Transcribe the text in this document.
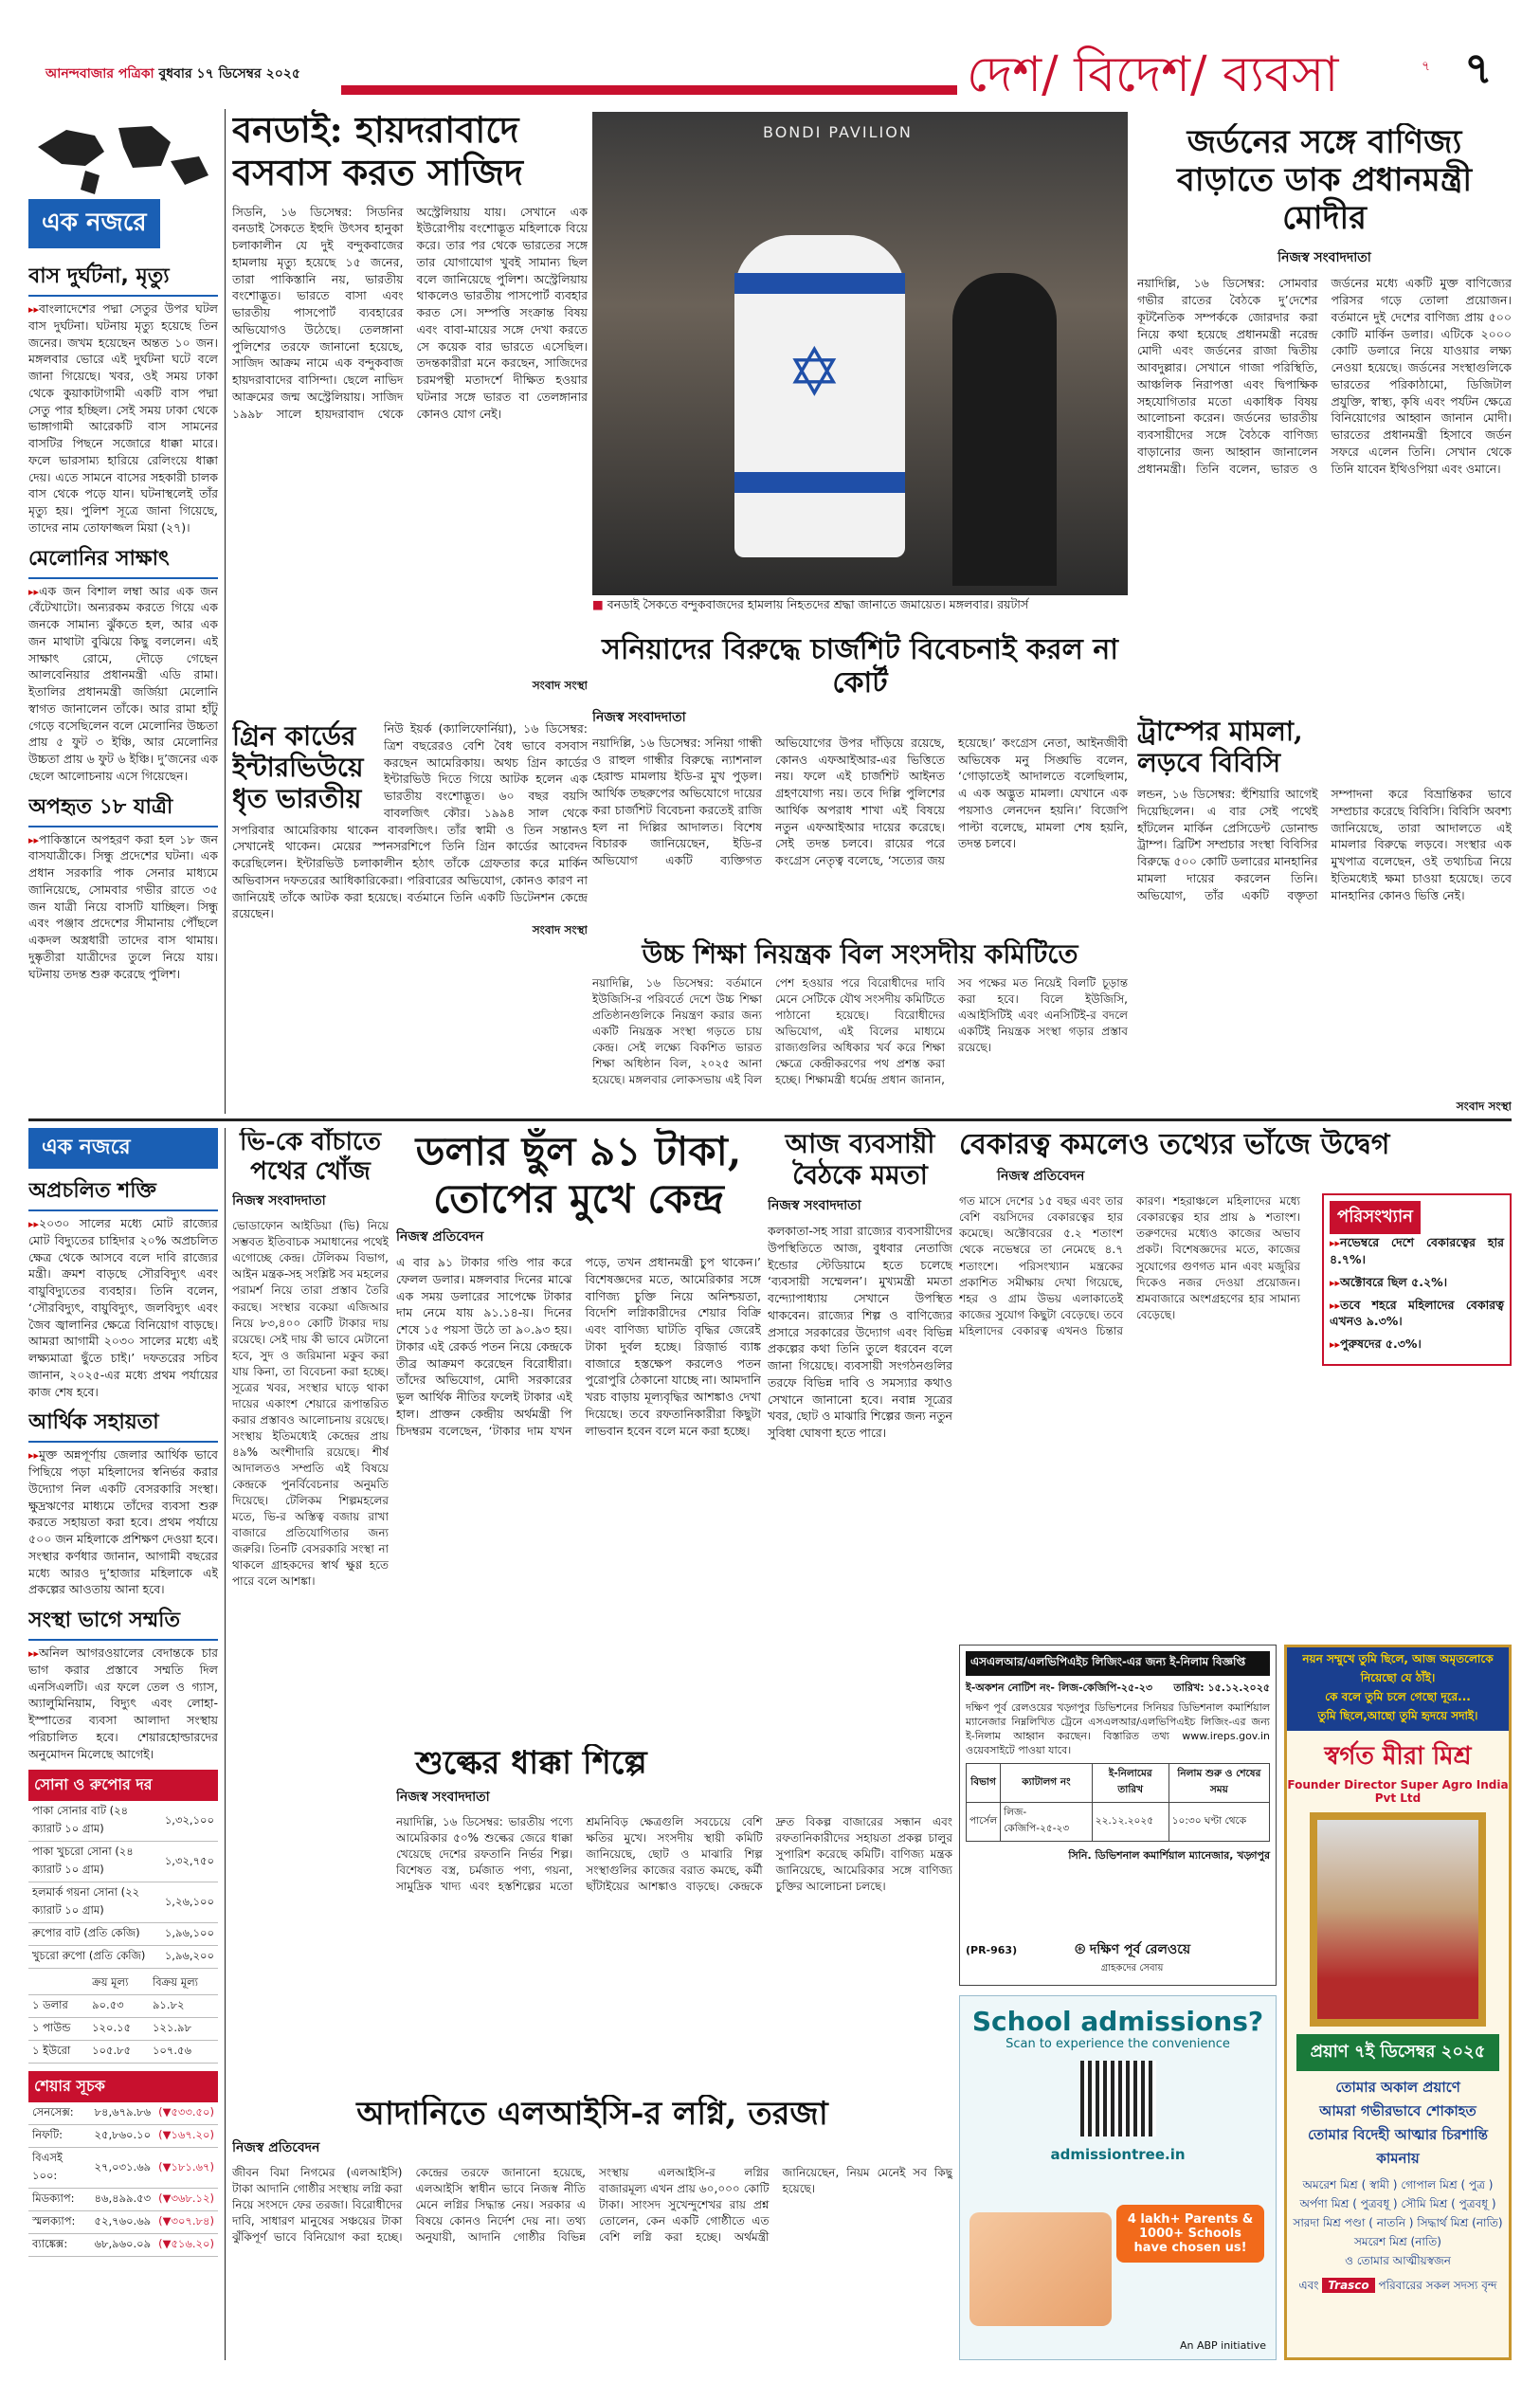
আনন্দবাজার পত্রিকা বুধবার ১৭ ডিসেম্বর ২০২৫	দেশ/ বিদেশ/ ব্যবসা	৭ ৭
এক নজরে
বাস দুর্ঘটনা, মৃত্যু
▸▸ বাংলাদেশের পদ্মা সেতুর উপর ঘটল বাস দুর্ঘটনা। ঘটনায় মৃত্যু হয়েছে তিন জনের। জখম হয়েছেন অন্তত ১০ জন। মঙ্গলবার ভোরে এই দুর্ঘটনা ঘটে বলে জানা গিয়েছে। খবর, ওই সময় ঢাকা থেকে কুয়াকাটাগামী একটি বাস পদ্মা সেতু পার হচ্ছিল। সেই সময় ঢাকা থেকে ভাঙ্গাগামী আরেকটি বাস সামনের বাসটির পিছনে সজোরে ধাক্কা মারে। ফলে ভারসাম্য হারিয়ে রেলিংয়ে ধাক্কা দেয়। এতে সামনে বাসের সহকারী চালক বাস থেকে পড়ে যান। ঘটনাস্থলেই তাঁর মৃত্যু হয়। পুলিশ সূত্রে জানা গিয়েছে, তাদের নাম তোফাজ্জল মিয়া (২৭)।
মেলোনির সাক্ষাৎ
▸▸ এক জন বিশাল লম্বা আর এক জন বেঁটেখাটো। অন্যরকম করতে গিয়ে এক জনকে সামান্য ঝুঁকতে হল, আর এক জন মাথাটা বুঝিয়ে কিছু বললেন। এই সাক্ষাৎ রোমে, দৌড়ে গেছেন আলবেনিয়ার প্রধানমন্ত্রী এডি রামা। ইতালির প্রধানমন্ত্রী জর্জিয়া মেলোনি স্বাগত জানালেন তাঁকে। আর রামা হাঁটু গেড়ে বসেছিলেন বলে মেলোনির উচ্চতা প্রায় ৫ ফুট ৩ ইঞ্চি, আর মেলোনির উচ্চতা প্রায় ৬ ফুট ৬ ইঞ্চি। দু’জনের এক ছেলে আলোচনায় এসে গিয়েছেন।
অপহৃত ১৮ যাত্রী
▸▸ পাকিস্তানে অপহরণ করা হল ১৮ জন বাসযাত্রীকে। সিন্ধু প্রদেশের ঘটনা। এক প্রধান সরকারি পাক সেনার মাধ্যমে জানিয়েছে, সোমবার গভীর রাতে ৩৫ জন যাত্রী নিয়ে বাসটি যাচ্ছিল। সিন্ধু এবং পঞ্জাব প্রদেশের সীমানায় পৌঁছলে একদল অস্ত্রধারী তাদের বাস থামায়। দুষ্কৃতীরা যাত্রীদের তুলে নিয়ে যায়। ঘটনায় তদন্ত শুরু করেছে পুলিশ।
বনডাই: হায়দরাবাদে বসবাস করত সাজিদ
সিডনি, ১৬ ডিসেম্বর: সিডনির বনডাই সৈকতে ইহুদি উৎসব হানুকা চলাকালীন যে দুই বন্দুকবাজের হামলায় মৃত্যু হয়েছে ১৫ জনের, তারা পাকিস্তানি নয়, ভারতীয় বংশোদ্ভূত। ভারতে বাসা এবং ভারতীয় পাসপোর্ট ব্যবহারের অভিযোগও উঠেছে। তেলঙ্গানা পুলিশের তরফে জানানো হয়েছে, সাজিদ আক্রম নামে এক বন্দুকবাজ হায়দরাবাদের বাসিন্দা। ছেলে নাভিদ আক্রমের জন্ম অস্ট্রেলিয়ায়। সাজিদ ১৯৯৮ সালে হায়দরাবাদ থেকে অস্ট্রেলিয়ায় যায়। সেখানে এক ইউরোপীয় বংশোদ্ভূত মহিলাকে বিয়ে করে। তার পর থেকে ভারতের সঙ্গে তার যোগাযোগ খুবই সামান্য ছিল বলে জানিয়েছে পুলিশ। অস্ট্রেলিয়ায় থাকলেও ভারতীয় পাসপোর্ট ব্যবহার করত সে। সম্পত্তি সংক্রান্ত বিষয় এবং বাবা-মায়ের সঙ্গে দেখা করতে সে কয়েক বার ভারতে এসেছিল। তদন্তকারীরা মনে করছেন, সাজিদের চরমপন্থী মতাদর্শে দীক্ষিত হওয়ার ঘটনার সঙ্গে ভারত বা তেলঙ্গানার কোনও যোগ নেই।
সংবাদ সংস্থা
BONDI PAVILION
✡
■ বনডাই সৈকতে বন্দুকবাজদের হামলায় নিহতদের শ্রদ্ধা জানাতে জমায়েত। মঙ্গলবার। রয়টার্স
সনিয়াদের বিরুদ্ধে চার্জশিট বিবেচনাই করল না কোর্ট
নিজস্ব সংবাদদাতা
নয়াদিল্লি, ১৬ ডিসেম্বর: সনিয়া গান্ধী ও রাহুল গান্ধীর বিরুদ্ধে ন্যাশনাল হেরাল্ড মামলায় ইডি-র মুখ পুড়ল। আর্থিক তছরুপের অভিযোগে দায়ের করা চার্জশিট বিবেচনা করতেই রাজি হল না দিল্লির আদালত। বিশেষ বিচারক জানিয়েছেন, ইডি-র অভিযোগ একটি ব্যক্তিগত অভিযোগের উপর দাঁড়িয়ে রয়েছে, কোনও এফআইআর-এর ভিত্তিতে নয়। ফলে এই চার্জশিট আইনত গ্রহণযোগ্য নয়। তবে দিল্লি পুলিশের আর্থিক অপরাধ শাখা এই বিষয়ে নতুন এফআইআর দায়ের করেছে। সেই তদন্ত চলবে। রায়ের পরে কংগ্রেস নেতৃত্ব বলেছে, ‘সত্যের জয় হয়েছে।’ কংগ্রেস নেতা, আইনজীবী অভিষেক মনু সিঙ্ঘভি বলেন, ‘গোড়াতেই আদালতে বলেছিলাম, এ এক অদ্ভুত মামলা। যেখানে এক পয়সাও লেনদেন হয়নি।’ বিজেপি পাল্টা বলেছে, মামলা শেষ হয়নি, তদন্ত চলবে।
জর্ডনের সঙ্গে বাণিজ্য বাড়াতে ডাক প্রধানমন্ত্রী মোদীর
নিজস্ব সংবাদদাতা
নয়াদিল্লি, ১৬ ডিসেম্বর: সোমবার গভীর রাতের বৈঠকে দু’দেশের কূটনৈতিক সম্পর্ককে জোরদার করা নিয়ে কথা হয়েছে প্রধানমন্ত্রী নরেন্দ্র মোদী এবং জর্ডনের রাজা দ্বিতীয় আবদুল্লার। সেখানে গাজা পরিস্থিতি, আঞ্চলিক নিরাপত্তা এবং দ্বিপাক্ষিক সহযোগিতার মতো একাধিক বিষয় আলোচনা করেন। জর্ডনের ভারতীয় ব্যবসায়ীদের সঙ্গে বৈঠকে বাণিজ্য বাড়ানোর জন্য আহ্বান জানালেন প্রধানমন্ত্রী। তিনি বলেন, ভারত ও জর্ডনের মধ্যে একটি মুক্ত বাণিজ্যের পরিসর গড়ে তোলা প্রয়োজন। বর্তমানে দুই দেশের বাণিজ্য প্রায় ৫০০ কোটি মার্কিন ডলার। এটিকে ২০০০ কোটি ডলারে নিয়ে যাওয়ার লক্ষ্য নেওয়া হয়েছে। জর্ডনের সংস্থাগুলিকে ভারতের পরিকাঠামো, ডিজিটাল প্রযুক্তি, স্বাস্থ্য, কৃষি এবং পর্যটন ক্ষেত্রে বিনিয়োগের আহ্বান জানান মোদী। ভারতের প্রধানমন্ত্রী হিসাবে জর্ডন সফরে এলেন তিনি। সেখান থেকে তিনি যাবেন ইথিওপিয়া এবং ওমানে।
ট্রাম্পের মামলা, লড়বে বিবিসি
লন্ডন, ১৬ ডিসেম্বর: হুঁশিয়ারি আগেই দিয়েছিলেন। এ বার সেই পথেই হাঁটলেন মার্কিন প্রেসিডেন্ট ডোনাল্ড ট্রাম্প। ব্রিটিশ সম্প্রচার সংস্থা বিবিসির বিরুদ্ধে ৫০০ কোটি ডলারের মানহানির মামলা দায়ের করলেন তিনি। অভিযোগ, তাঁর একটি বক্তৃতা সম্পাদনা করে বিভ্রান্তিকর ভাবে সম্প্রচার করেছে বিবিসি। বিবিসি অবশ্য জানিয়েছে, তারা আদালতে এই মামলার বিরুদ্ধে লড়বে। সংস্থার এক মুখপাত্র বলেছেন, ওই তথ্যচিত্র নিয়ে ইতিমধ্যেই ক্ষমা চাওয়া হয়েছে। তবে মানহানির কোনও ভিত্তি নেই।
সংবাদ সংস্থা
গ্রিন কার্ডের ইন্টারভিউয়ে ধৃত ভারতীয়
নিউ ইয়র্ক (ক্যালিফোর্নিয়া), ১৬ ডিসেম্বর: ত্রিশ বছরেরও বেশি বৈধ ভাবে বসবাস করছেন আমেরিকায়। অথচ গ্রিন কার্ডের ইন্টারভিউ দিতে গিয়ে আটক হলেন এক ভারতীয় বংশোদ্ভূত। ৬০ বছর বয়সি বাবলজিৎ কৌর। ১৯৯৪ সাল থেকে সপরিবার আমেরিকায় থাকেন বাবলজিৎ। তাঁর স্বামী ও তিন সন্তানও সেখানেই থাকেন। মেয়ের স্পনসরশিপে তিনি গ্রিন কার্ডের আবেদন করেছিলেন। ইন্টারভিউ চলাকালীন হঠাৎ তাঁকে গ্রেফতার করে মার্কিন অভিবাসন দফতরের আধিকারিকেরা। পরিবারের অভিযোগ, কোনও কারণ না জানিয়েই তাঁকে আটক করা হয়েছে। বর্তমানে তিনি একটি ডিটেনশন কেন্দ্রে রয়েছেন।
সংবাদ সংস্থা
উচ্চ শিক্ষা নিয়ন্ত্রক বিল সংসদীয় কমিটিতে
নয়াদিল্লি, ১৬ ডিসেম্বর: বর্তমানে ইউজিসি-র পরিবর্তে দেশে উচ্চ শিক্ষা প্রতিষ্ঠানগুলিকে নিয়ন্ত্রণ করার জন্য একটি নিয়ন্ত্রক সংস্থা গড়তে চায় কেন্দ্র। সেই লক্ষ্যে বিকশিত ভারত শিক্ষা অধিষ্ঠান বিল, ২০২৫ আনা হয়েছে। মঙ্গলবার লোকসভায় এই বিল পেশ হওয়ার পরে বিরোধীদের দাবি মেনে সেটিকে যৌথ সংসদীয় কমিটিতে পাঠানো হয়েছে। বিরোধীদের অভিযোগ, এই বিলের মাধ্যমে রাজ্যগুলির অধিকার খর্ব করে শিক্ষা ক্ষেত্রে কেন্দ্রীকরণের পথ প্রশস্ত করা হচ্ছে। শিক্ষামন্ত্রী ধর্মেন্দ্র প্রধান জানান, সব পক্ষের মত নিয়েই বিলটি চূড়ান্ত করা হবে। বিলে ইউজিসি, এআইসিটিই এবং এনসিটিই-র বদলে একটিই নিয়ন্ত্রক সংস্থা গড়ার প্রস্তাব রয়েছে।
এক নজরে
অপ্রচলিত শক্তি
▸▸ ২০৩০ সালের মধ্যে মোট রাজ্যের মোট বিদ্যুতের চাহিদার ২০% অপ্রচলিত ক্ষেত্র থেকে আসবে বলে দাবি রাজ্যের মন্ত্রী। ক্রমশ বাড়ছে সৌরবিদ্যুৎ এবং বায়ুবিদ্যুতের ব্যবহার। তিনি বলেন, ‘সৌরবিদ্যুৎ, বায়ুবিদ্যুৎ, জলবিদ্যুৎ এবং জৈব জ্বালানির ক্ষেত্রে বিনিয়োগ বাড়ছে। আমরা আগামী ২০৩০ সালের মধ্যে এই লক্ষ্যমাত্রা ছুঁতে চাই।’ দফতরের সচিব জানান, ২০২৫-এর মধ্যে প্রথম পর্যায়ের কাজ শেষ হবে।
আর্থিক সহায়তা
▸▸ মুক্ত অন্নপূর্ণায় জেলার আর্থিক ভাবে পিছিয়ে পড়া মহিলাদের স্বনির্ভর করার উদ্যোগ নিল একটি বেসরকারি সংস্থা। ক্ষুদ্রঋণের মাধ্যমে তাঁদের ব্যবসা শুরু করতে সহায়তা করা হবে। প্রথম পর্যায়ে ৫০০ জন মহিলাকে প্রশিক্ষণ দেওয়া হবে। সংস্থার কর্ণধার জানান, আগামী বছরের মধ্যে আরও দু’হাজার মহিলাকে এই প্রকল্পের আওতায় আনা হবে।
সংস্থা ভাগে সম্মতি
▸▸ অনিল আগরওয়ালের বেদান্তকে চার ভাগ করার প্রস্তাবে সম্মতি দিল এনসিএলটি। এর ফলে তেল ও গ্যাস, অ্যালুমিনিয়াম, বিদ্যুৎ এবং লোহা-ইস্পাতের ব্যবসা আলাদা সংস্থায় পরিচালিত হবে। শেয়ারহোল্ডারদের অনুমোদন মিলেছে আগেই।
সোনা ও রুপোর দর
পাকা সোনার বাট (২৪ ক্যারাট ১০ গ্রাম)	১,৩২,১০০
পাকা খুচরো সোনা (২৪ ক্যারাট ১০ গ্রাম)	১,৩২,৭৫০
হলমার্ক গয়না সোনা (২২ ক্যারাট ১০ গ্রাম)	১,২৬,১০০
রুপোর বাট (প্রতি কেজি)	১,৯৬,১০০
খুচরো রুপো (প্রতি কেজি)	১,৯৬,২০০
	ক্রয় মূল্য	বিক্রয় মূল্য
১ ডলার	৯০.৫৩	৯১.৮২
১ পাউন্ড	১২০.১৫	১২১.৯৮
১ ইউরো	১০৫.৮৫	১০৭.৫৬
শেয়ার সূচক
সেনসেক্স:	৮৪,৬৭৯.৮৬	(▼৫৩৩.৫০)
নিফটি:	২৫,৮৬০.১০	(▼১৬৭.২০)
বিএসই ১০০:	২৭,০৩১.৬৯	(▼১৮১.৬৭)
মিডক্যাপ:	৪৬,৪৯৯.৫৩	(▼৩৬৮.১২)
স্মলক্যাপ:	৫২,৭৬০.৬৯	(▼৩০৭.৮৪)
ব্যাঙ্কেক্স:	৬৮,৯৬০.০৯	(▼৫১৬.২০)
ভি-কে বাঁচাতে পথের খোঁজ
নিজস্ব সংবাদদাতা
ভোডাফোন আইডিয়া (ভি) নিয়ে সম্ভবত ইতিবাচক সমাধানের পথেই এগোচ্ছে কেন্দ্র। টেলিকম বিভাগ, আইন মন্ত্রক-সহ সংশ্লিষ্ট সব মহলের পরামর্শ নিয়ে তারা প্রস্তাব তৈরি করছে। সংস্থার বকেয়া এজিআর নিয়ে ৮৩,৪০০ কোটি টাকার দায় রয়েছে। সেই দায় কী ভাবে মেটানো হবে, সুদ ও জরিমানা মকুব করা যায় কিনা, তা বিবেচনা করা হচ্ছে। সূত্রের খবর, সংস্থার ঘাড়ে থাকা দায়ের একাংশ শেয়ারে রূপান্তরিত করার প্রস্তাবও আলোচনায় রয়েছে। সংস্থায় ইতিমধ্যেই কেন্দ্রের প্রায় ৪৯% অংশীদারি রয়েছে। শীর্ষ আদালতও সম্প্রতি এই বিষয়ে কেন্দ্রকে পুনর্বিবেচনার অনুমতি দিয়েছে। টেলিকম শিল্পমহলের মতে, ভি-র অস্তিত্ব বজায় রাখা বাজারে প্রতিযোগিতার জন্য জরুরি। তিনটি বেসরকারি সংস্থা না থাকলে গ্রাহকদের স্বার্থ ক্ষুণ্ণ হতে পারে বলে আশঙ্কা।
ডলার ছুঁল ৯১ টাকা, তোপের মুখে কেন্দ্র
নিজস্ব প্রতিবেদন
এ বার ৯১ টাকার গণ্ডি পার করে ফেলল ডলার। মঙ্গলবার দিনের মাঝে এক সময় ডলারের সাপেক্ষে টাকার দাম নেমে যায় ৯১.১৪-য়। দিনের শেষে ১৫ পয়সা উঠে তা ৯০.৯৩ হয়। টাকার এই রেকর্ড পতন নিয়ে কেন্দ্রকে তীব্র আক্রমণ করেছেন বিরোধীরা। তাঁদের অভিযোগ, মোদী সরকারের ভুল আর্থিক নীতির ফলেই টাকার এই হাল। প্রাক্তন কেন্দ্রীয় অর্থমন্ত্রী পি চিদম্বরম বলেছেন, ‘টাকার দাম যখন পড়ে, তখন প্রধানমন্ত্রী চুপ থাকেন।’ বিশেষজ্ঞদের মতে, আমেরিকার সঙ্গে বাণিজ্য চুক্তি নিয়ে অনিশ্চয়তা, বিদেশি লগ্নিকারীদের শেয়ার বিক্রি এবং বাণিজ্য ঘাটতি বৃদ্ধির জেরেই টাকা দুর্বল হচ্ছে। রিজ়ার্ভ ব্যাঙ্ক বাজারে হস্তক্ষেপ করলেও পতন পুরোপুরি ঠেকানো যাচ্ছে না। আমদানি খরচ বাড়ায় মূল্যবৃদ্ধির আশঙ্কাও দেখা দিয়েছে। তবে রফতানিকারীরা কিছুটা লাভবান হবেন বলে মনে করা হচ্ছে।
আজ ব্যবসায়ী বৈঠকে মমতা
নিজস্ব সংবাদদাতা
কলকাতা-সহ সারা রাজ্যের ব্যবসায়ীদের উপস্থিতিতে আজ, বুধবার নেতাজি ইন্ডোর স্টেডিয়ামে হতে চলেছে ‘ব্যবসায়ী সম্মেলন’। মুখ্যমন্ত্রী মমতা বন্দ্যোপাধ্যায় সেখানে উপস্থিত থাকবেন। রাজ্যের শিল্প ও বাণিজ্যের প্রসারে সরকারের উদ্যোগ এবং বিভিন্ন প্রকল্পের কথা তিনি তুলে ধরবেন বলে জানা গিয়েছে। ব্যবসায়ী সংগঠনগুলির তরফে বিভিন্ন দাবি ও সমস্যার কথাও সেখানে জানানো হবে। নবান্ন সূত্রের খবর, ছোট ও মাঝারি শিল্পের জন্য নতুন সুবিধা ঘোষণা হতে পারে।
বেকারত্ব কমলেও তথ্যের ভাঁজে উদ্বেগ
নিজস্ব প্রতিবেদন
গত মাসে দেশের ১৫ বছর এবং তার বেশি বয়সিদের বেকারত্বের হার কমেছে। অক্টোবরের ৫.২ শতাংশ থেকে নভেম্বরে তা নেমেছে ৪.৭ শতাংশে। পরিসংখ্যান মন্ত্রকের প্রকাশিত সমীক্ষায় দেখা গিয়েছে, শহর ও গ্রাম উভয় এলাকাতেই কাজের সুযোগ কিছুটা বেড়েছে। তবে মহিলাদের বেকারত্ব এখনও চিন্তার কারণ। শহরাঞ্চলে মহিলাদের মধ্যে বেকারত্বের হার প্রায় ৯ শতাংশ। তরুণদের মধ্যেও কাজের অভাব প্রকট। বিশেষজ্ঞদের মতে, কাজের সুযোগের গুণগত মান এবং মজুরির দিকেও নজর দেওয়া প্রয়োজন। শ্রমবাজারে অংশগ্রহণের হার সামান্য বেড়েছে।
পরিসংখ্যান
▸▸ নভেম্বরে দেশে বেকারত্বের হার ৪.৭%।
▸▸ অক্টোবরে ছিল ৫.২%।
▸▸ তবে শহরে মহিলাদের বেকারত্ব এখনও ৯.৩%।
▸▸ পুরুষদের ৫.৩%।
শুল্কের ধাক্কা শিল্পে
নিজস্ব সংবাদদাতা
নয়াদিল্লি, ১৬ ডিসেম্বর: ভারতীয় পণ্যে আমেরিকার ৫০% শুল্কের জেরে ধাক্কা খেয়েছে দেশের রফতানি নির্ভর শিল্প। বিশেষত বস্ত্র, চর্মজাত পণ্য, গয়না, সামুদ্রিক খাদ্য এবং হস্তশিল্পের মতো শ্রমনিবিড় ক্ষেত্রগুলি সবচেয়ে বেশি ক্ষতির মুখে। সংসদীয় স্থায়ী কমিটি জানিয়েছে, ছোট ও মাঝারি শিল্প সংস্থাগুলির কাজের বরাত কমছে, কর্মী ছাঁটাইয়ের আশঙ্কাও বাড়ছে। কেন্দ্রকে দ্রুত বিকল্প বাজারের সন্ধান এবং রফতানিকারীদের সহায়তা প্রকল্প চালুর সুপারিশ করেছে কমিটি। বাণিজ্য মন্ত্রক জানিয়েছে, আমেরিকার সঙ্গে বাণিজ্য চুক্তির আলোচনা চলছে।
এসএলআর/এলভিপিএইচ লিজিং-এর জন্য ই-নিলাম বিজ্ঞপ্তি
ই-অকশন নোটিশ নং- লিজ-কেজিপি-২৫-২৩ তারিখ: ১৫.১২.২০২৫
দক্ষিণ পূর্ব রেলওয়ের খড়্গপুর ডিভিশনের সিনিয়র ডিভিশনাল কমার্শিয়াল ম্যানেজার নিম্নলিখিত ট্রেনে এসএলআর/এলভিপিএইচ লিজিং-এর জন্য ই-নিলাম আহ্বান করছেন। বিস্তারিত তথ্য www.ireps.gov.in ওয়েবসাইটে পাওয়া যাবে।
বিভাগ	ক্যাটালগ নং	ই-নিলামের তারিখ	নিলাম শুরু ও শেষের সময়
পার্সেল	লিজ-কেজিপি-২৫-২৩	২২.১২.২০২৫	১০:৩০ ঘণ্টা থেকে
সিনি. ডিভিশনাল কমার্শিয়াল ম্যানেজার, খড়্গপুর
(PR-963)	⊛ দক্ষিণ পূর্ব রেলওয়ে
গ্রাহকদের সেবায়
School admissions?
Scan to experience the convenience
admissiontree.in
4 lakh+ Parents & 1000+ Schools have chosen us!
An ABP initiative
আদানিতে এলআইসি-র লগ্নি, তরজা
নিজস্ব প্রতিবেদন
জীবন বিমা নিগমের (এলআইসি) টাকা আদানি গোষ্ঠীর সংস্থায় লগ্নি করা নিয়ে সংসদে ফের তরজা। বিরোধীদের দাবি, সাধারণ মানুষের সঞ্চয়ের টাকা ঝুঁকিপূর্ণ ভাবে বিনিয়োগ করা হচ্ছে। কেন্দ্রের তরফে জানানো হয়েছে, এলআইসি স্বাধীন ভাবে নিজস্ব নীতি মেনে লগ্নির সিদ্ধান্ত নেয়। সরকার এ বিষয়ে কোনও নির্দেশ দেয় না। তথ্য অনুযায়ী, আদানি গোষ্ঠীর বিভিন্ন সংস্থায় এলআইসি-র লগ্নির বাজারমূল্য এখন প্রায় ৬০,০০০ কোটি টাকা। সাংসদ সুখেন্দুশেখর রায় প্রশ্ন তোলেন, কেন একটি গোষ্ঠীতে এত বেশি লগ্নি করা হচ্ছে। অর্থমন্ত্রী জানিয়েছেন, নিয়ম মেনেই সব কিছু হয়েছে।
নয়ন সম্মুখে তুমি ছিলে, আজ অমৃতলোকে নিয়েছো যে ঠাঁই।
কে বলে তুমি চলে গেছো দূরে...
তুমি ছিলে,আছো তুমি হৃদয়ে সদাই।
স্বর্গত মীরা মিশ্র
Founder Director Super Agro India Pvt Ltd
প্রয়াণ ৭ই ডিসেম্বর ২০২৫
তোমার অকাল প্রয়াণে
আমরা গভীরভাবে শোকাহত
তোমার বিদেহী আত্মার চিরশান্তি
কামনায়
অমরেশ মিশ্র ( স্বামী ) গোপাল মিশ্র ( পুত্র )
অর্পণা মিশ্র ( পুত্রবধূ ) সৌমি মিশ্র ( পুত্রবধূ )
সারদা মিশ্র পণ্ডা ( নাতনি ) সিদ্ধার্থ মিশ্র (নাতি) সমরেশ মিশ্র (নাতি)
ও তোমার আত্মীয়স্বজন
এবং Trasco পরিবারের সকল সদস্য বৃন্দ
